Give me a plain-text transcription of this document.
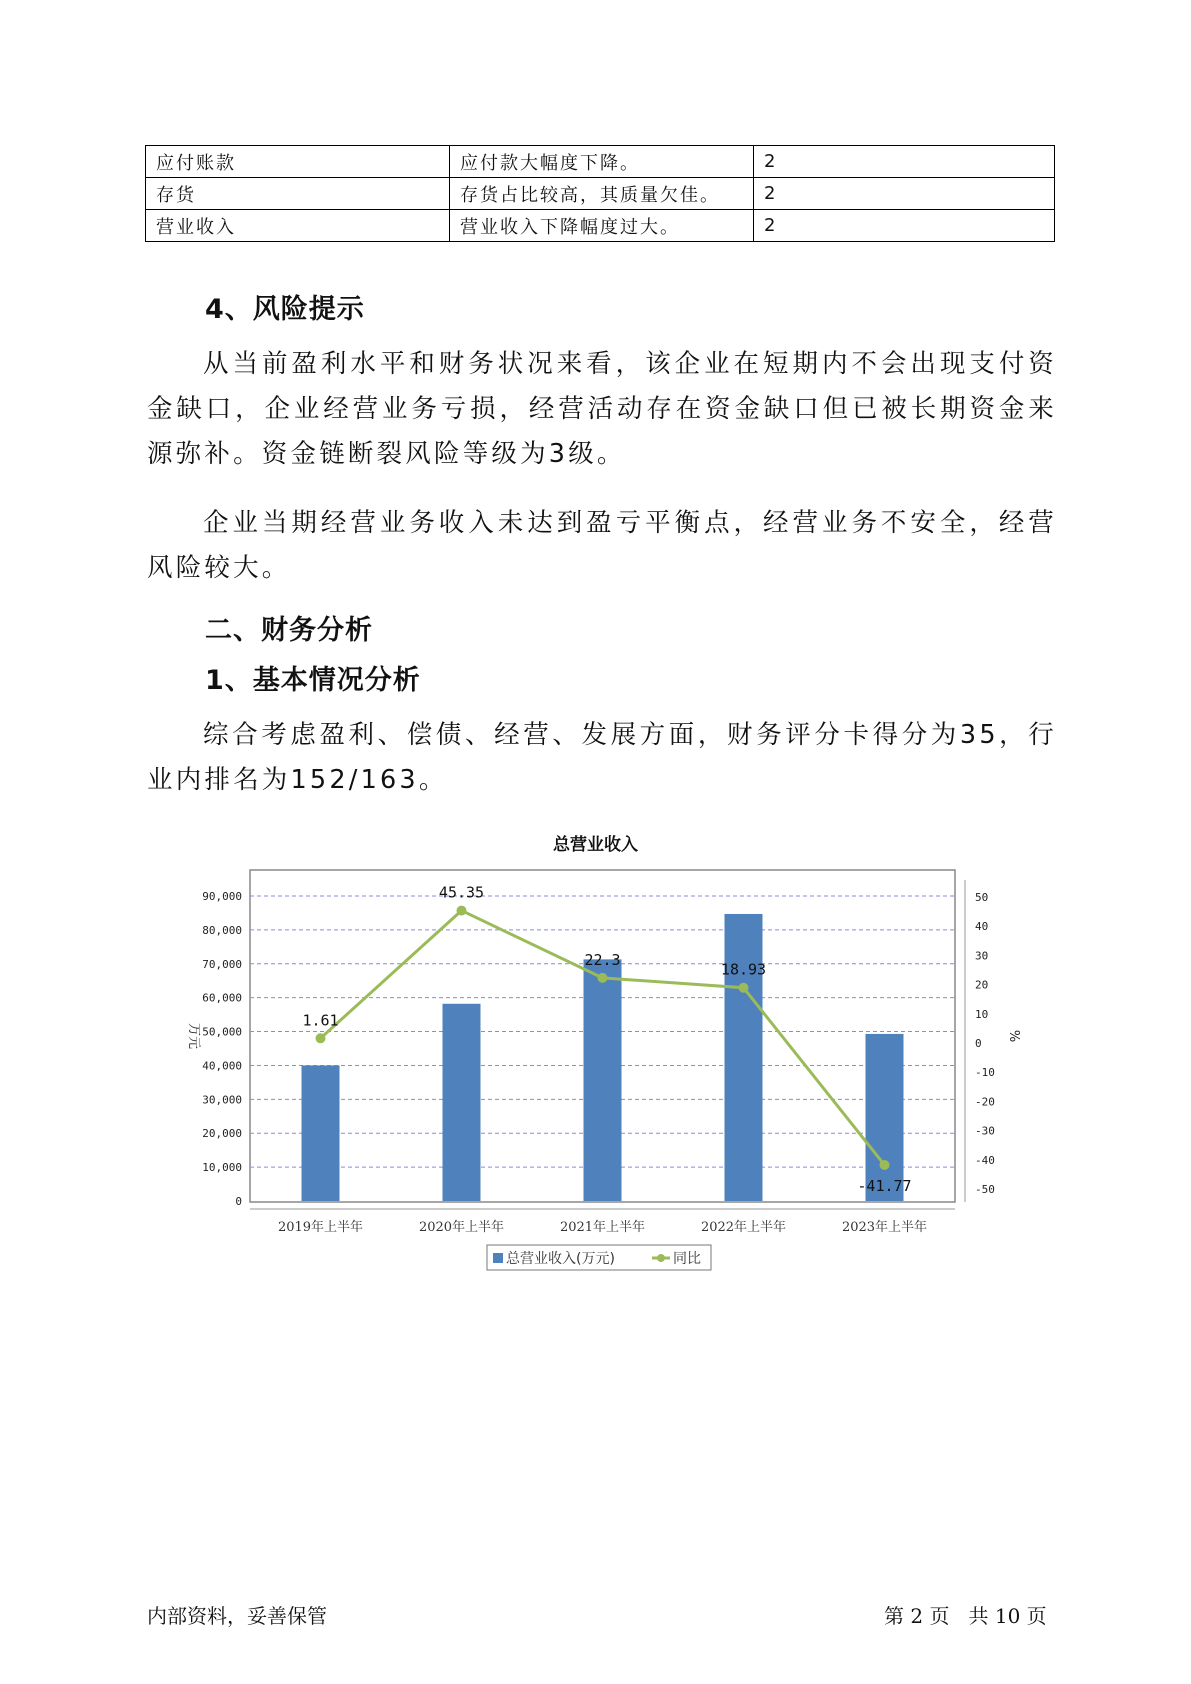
应付账款	应付款大幅度下降。	2
存货	存货占比较高，其质量欠佳。	2
营业收入	营业收入下降幅度过大。	2
4、风险提示

从当前盈利水平和财务状况来看，该企业在短期内不会出现支付资金缺口，企业经营业务亏损，经营活动存在资金缺口但已被长期资金来源弥补。资金链断裂风险等级为3级。

企业当期经营业务收入未达到盈亏平衡点，经营业务不安全，经营风险较大。

二、财务分析
1、基本情况分析

综合考虑盈利、偿债、经营、发展方面，财务评分卡得分为35，行业内排名为152/163。

总营业收入
0
10,000
20,000
30,000
40,000
50,000
60,000
70,000
80,000
90,000
-50
-40
-30
-20
-10
0
10
20
30
40
50
万元	%
2019年上半年	2020年上半年	2021年上半年	2022年上半年	2023年上半年
1.61
45.35
22.3
18.93
-41.77
总营业收入(万元)	同比
内部资料，妥善保管	第 2 页   共 10 页
